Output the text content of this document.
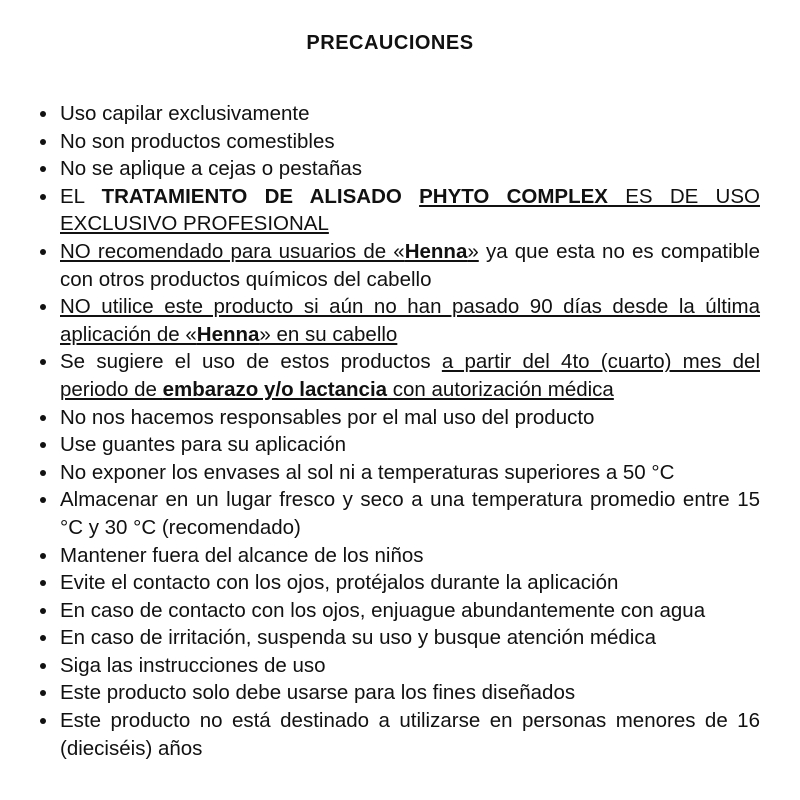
PRECAUCIONES
Uso capilar exclusivamente
No son productos comestibles
No se aplique a cejas o pestañas
EL TRATAMIENTO DE ALISADO PHYTO COMPLEX ES DE USO EXCLUSIVO PROFESIONAL
NO recomendado para usuarios de «Henna» ya que esta no es compatible con otros productos químicos del cabello
NO utilice este producto si aún no han pasado 90 días desde la última aplicación de «Henna» en su cabello
Se sugiere el uso de estos productos a partir del 4to (cuarto) mes del periodo de embarazo y/o lactancia con autorización médica
No nos hacemos responsables por el mal uso del producto
Use guantes para su aplicación
No exponer los envases al sol ni a temperaturas superiores a 50 °C
Almacenar en un lugar fresco y seco a una temperatura promedio entre 15 °C y 30 °C (recomendado)
Mantener fuera del alcance de los niños
Evite el contacto con los ojos, protéjalos durante la aplicación
En caso de contacto con los ojos, enjuague abundantemente con agua
En caso de irritación, suspenda su uso y busque atención médica
Siga las instrucciones de uso
Este producto solo debe usarse para los fines diseñados
Este producto no está destinado a utilizarse en personas menores de 16 (dieciséis) años
